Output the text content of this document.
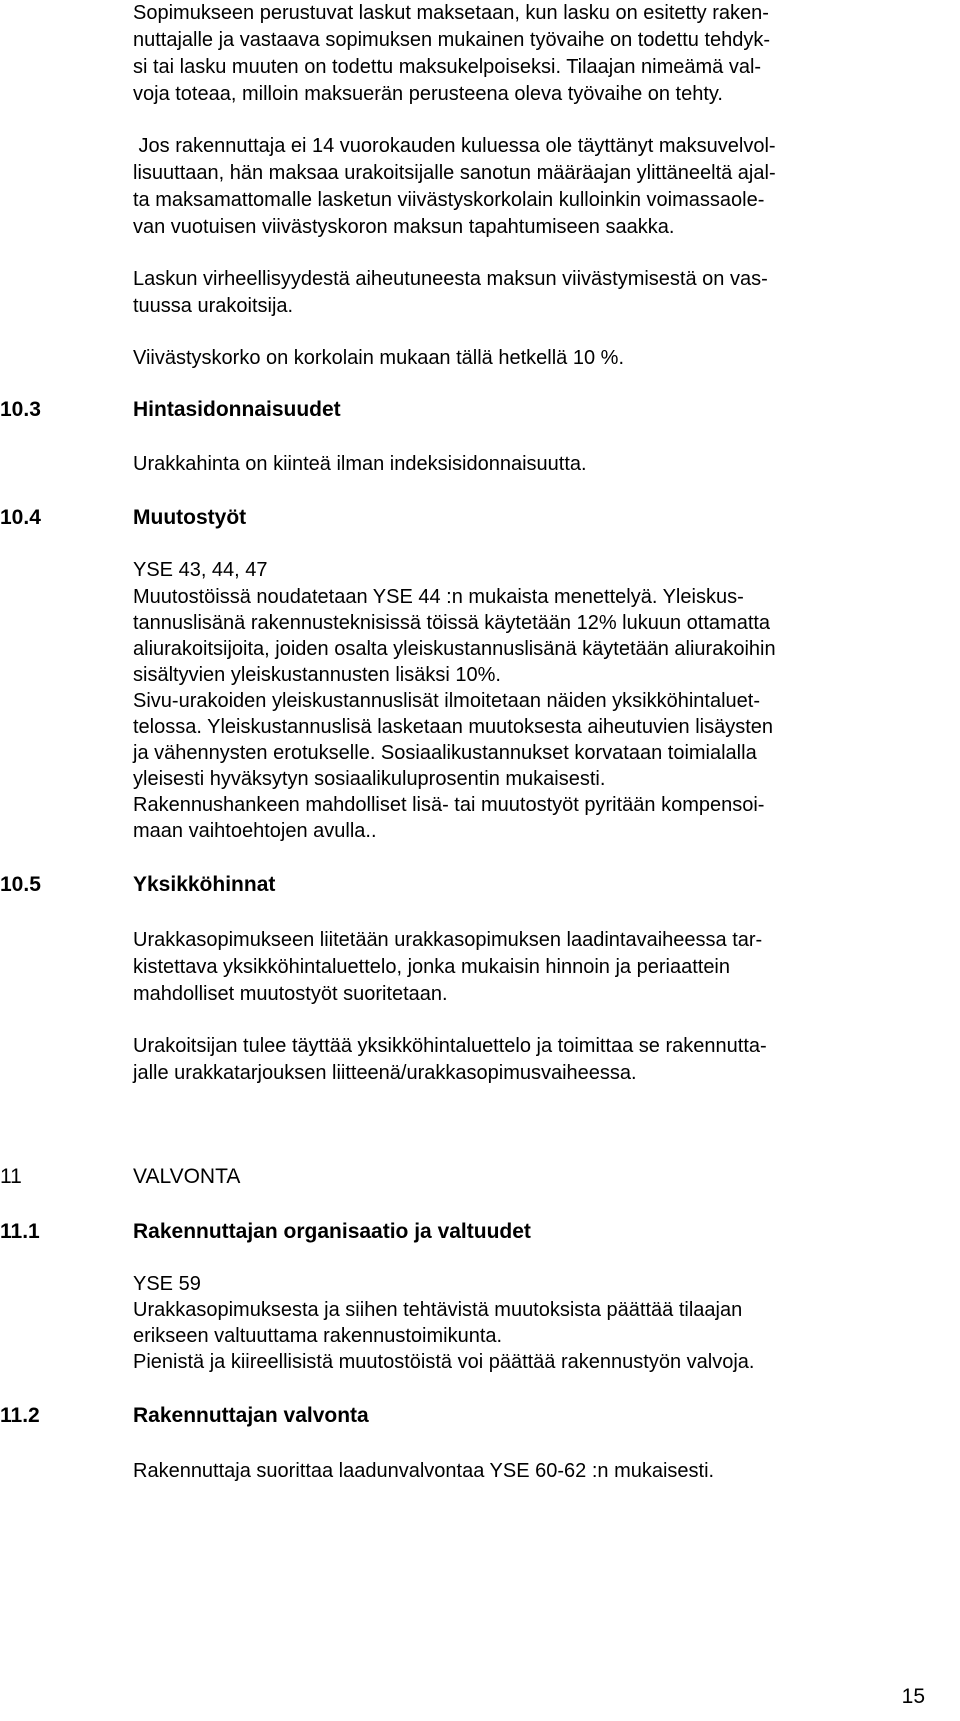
Sopimukseen perustuvat laskut maksetaan, kun lasku on esitetty raken-
nuttajalle ja vastaava sopimuksen mukainen työvaihe on todettu tehdyk-
si tai lasku muuten on todettu maksukelpoiseksi. Tilaajan nimeämä val-
voja toteaa, milloin maksuerän perusteena oleva työvaihe on tehty.
Jos rakennuttaja ei 14 vuorokauden kuluessa ole täyttänyt maksuvelvol-
lisuuttaan, hän maksaa urakoitsijalle sanotun määräajan ylittäneeltä ajal-
ta maksamattomalle lasketun viivästyskorkolain kulloinkin voimassaole-
van vuotuisen viivästyskoron maksun tapahtumiseen saakka.
Laskun virheellisyydestä aiheutuneesta maksun viivästymisestä on vas-
tuussa urakoitsija.
Viivästyskorko on korkolain mukaan tällä hetkellä 10 %.
10.3	Hintasidonnaisuudet
Urakkahinta on kiinteä ilman indeksisidonnaisuutta.
10.4	Muutostyöt
YSE 43, 44, 47
Muutostöissä noudatetaan YSE 44 :n mukaista menettelyä. Yleiskus-
tannuslisänä rakennusteknisissä töissä käytetään 12% lukuun ottamatta
aliurakoitsijoita, joiden osalta yleiskustannuslisänä käytetään aliurakoihin
sisältyvien yleiskustannusten lisäksi 10%.
Sivu-urakoiden yleiskustannuslisät ilmoitetaan näiden yksikköhintaluet-
telossa. Yleiskustannuslisä lasketaan muutoksesta aiheutuvien lisäysten
ja vähennysten erotukselle. Sosiaalikustannukset korvataan toimialalla
yleisesti hyväksytyn sosiaalikuluprosentin mukaisesti.
Rakennushankeen mahdolliset lisä- tai muutostyöt pyritään kompensoi-
maan vaihtoehtojen avulla..
10.5	Yksikköhinnat
Urakkasopimukseen liitetään urakkasopimuksen laadintavaiheessa tar-
kistettava yksikköhintaluettelo, jonka mukaisin hinnoin ja periaattein
mahdolliset muutostyöt suoritetaan.
Urakoitsijan tulee täyttää yksikköhintaluettelo ja toimittaa se rakennutta-
jalle urakkatarjouksen liitteenä/urakkasopimusvaiheessa.
11	VALVONTA
11.1	Rakennuttajan organisaatio ja valtuudet
YSE 59
Urakkasopimuksesta ja siihen tehtävistä muutoksista päättää tilaajan
erikseen valtuuttama rakennustoimikunta.
Pienistä ja kiireellisistä muutostöistä voi päättää rakennustyön valvoja.
11.2	Rakennuttajan valvonta
Rakennuttaja suorittaa laadunvalvontaa YSE 60-62 :n mukaisesti.
15
